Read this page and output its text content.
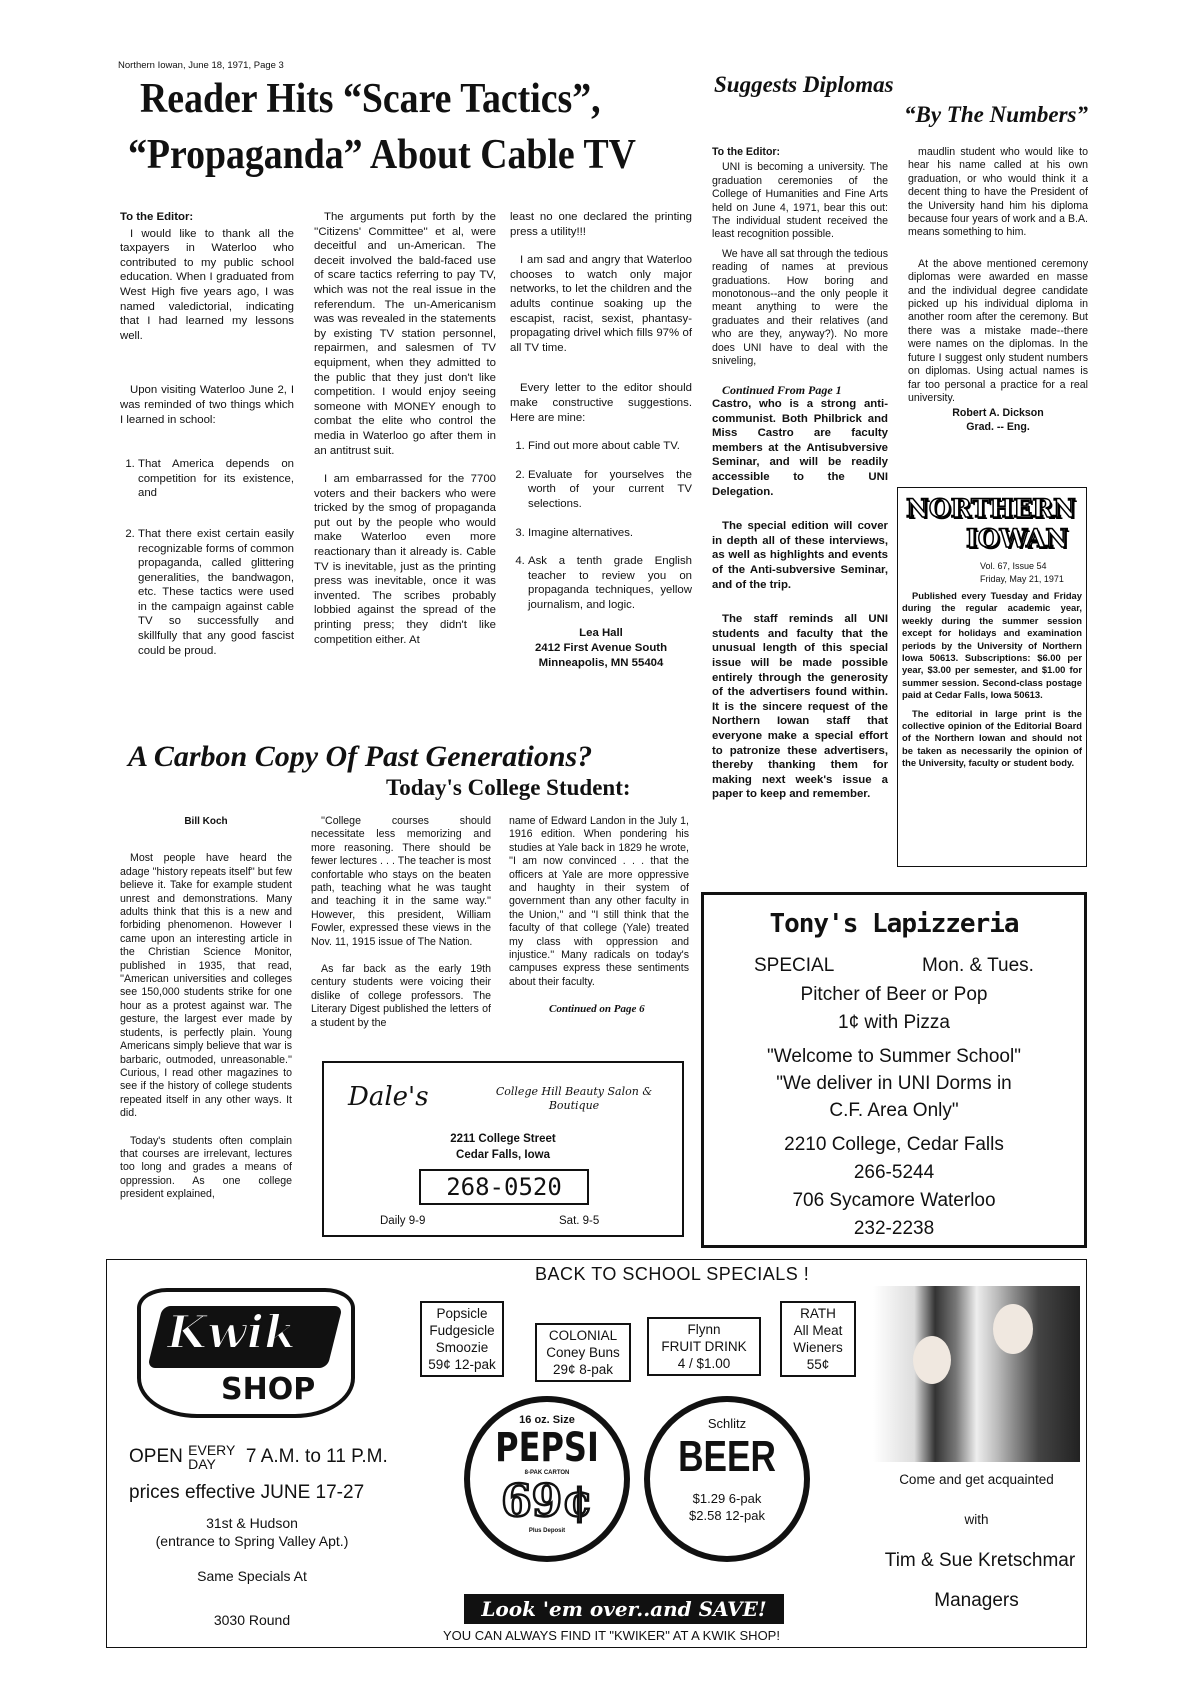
Northern Iowan, June 18, 1971, Page 3
Reader Hits “Scare Tactics”,
“Propaganda” About Cable TV

To the Editor:

I would like to thank all the taxpayers in Waterloo who contributed to my public school education. When I graduated from West High five years ago, I was named valedictorial, indicating that I had learned my lessons well.

Upon visiting Waterloo June 2, I was reminded of two things which I learned in school:

1. That America depends on competition for its existence, and
2. That there exist certain easily recognizable forms of common propaganda, called glittering generalities, the bandwagon, etc. These tactics were used in the campaign against cable TV so successfully and skillfully that any good fascist could be proud.

The arguments put forth by the ''Citizens' Committee'' et al, were deceitful and un-American. The deceit involved the bald-faced use of scare tactics referring to pay TV, which was not the real issue in the referendum. The un-Americanism was was revealed in the statements by existing TV station personnel, repairmen, and salesmen of TV equipment, when they admitted to the public that they just don't like competition. I would enjoy seeing someone with MONEY enough to combat the elite who control the media in Waterloo go after them in an antitrust suit.

I am embarrassed for the 7700 voters and their backers who were tricked by the smog of propaganda put out by the people who would make Waterloo even more reactionary than it already is. Cable TV is inevitable, just as the printing press was inevitable, once it was invented. The scribes probably lobbied against the spread of the printing press; they didn't like competition either. At

least no one declared the printing press a utility!!!

I am sad and angry that Waterloo chooses to watch only major networks, to let the children and the adults continue soaking up the escapist, racist, sexist, phantasy-propagating drivel which fills 97% of all TV time.

Every letter to the editor should make constructive suggestions. Here are mine:

1. Find out more about cable TV.
2. Evaluate for yourselves the worth of your current TV selections.
3. Imagine alternatives.
4. Ask a tenth grade English teacher to review you on propaganda techniques, yellow journalism, and logic.

Lea Hall
2412 First Avenue South
Minneapolis, MN 55404

Suggests Diplomas
“By The Numbers”

To the Editor:

UNI is becoming a university. The graduation ceremonies of the College of Humanities and Fine Arts held on June 4, 1971, bear this out: The individual student received the least recognition possible.

We have all sat through the tedious reading of names at previous graduations. How boring and monotonous--and the only people it meant anything to were the graduates and their relatives (and who are they, anyway?). No more does UNI have to deal with the sniveling,

Continued From Page 1

Castro, who is a strong anti-communist. Both Philbrick and Miss Castro are faculty members at the Antisubversive Seminar, and will be readily accessible to the UNI Delegation.

The special edition will cover in depth all of these interviews, as well as highlights and events of the Anti-subversive Seminar, and of the trip.

The staff reminds all UNI students and faculty that the unusual length of this special issue will be made possible entirely through the generosity of the advertisers found within. It is the sincere request of the Northern Iowan staff that everyone make a special effort to patronize these advertisers, thereby thanking them for making next week's issue a paper to keep and remember.

maudlin student who would like to hear his name called at his own graduation, or who would think it a decent thing to have the President of the University hand him his diploma because four years of work and a B.A. means something to him.

At the above mentioned ceremony diplomas were awarded en masse and the individual degree candidate picked up his individual diploma in another room after the ceremony. But there was a mistake made--there were names on the diplomas. In the future I suggest only student numbers on diplomas. Using actual names is far too personal a practice for a real university.

Robert A. Dickson
Grad. -- Eng.

NORTHERN
IOWAN
Vol. 67, Issue 54
Friday, May 21, 1971

Published every Tuesday and Friday during the regular academic year, weekly during the summer session except for holidays and examination periods by the University of Northern Iowa 50613. Subscriptions: $6.00 per year, $3.00 per semester, and $1.00 for summer session. Second-class postage paid at Cedar Falls, Iowa 50613.

The editorial in large print is the collective opinion of the Editorial Board of the Northern Iowan and should not be taken as necessarily the opinion of the University, faculty or student body.

A Carbon Copy Of Past Generations?
Today's College Student:

Bill Koch

Most people have heard the adage ''history repeats itself'' but few believe it. Take for example student unrest and demonstrations. Many adults think that this is a new and forbiding phenomenon. However I came upon an interesting article in the Christian Science Monitor, published in 1935, that read, ''American universities and colleges see 150,000 students strike for one hour as a protest against war. The gesture, the largest ever made by students, is perfectly plain. Young Americans simply believe that war is barbaric, outmoded, unreasonable.'' Curious, I read other magazines to see if the history of college students repeated itself in any other ways. It did.

Today's students often complain that courses are irrelevant, lectures too long and grades a means of oppression. As one college president explained,

''College courses should necessitate less memorizing and more reasoning. There should be fewer lectures . . . The teacher is most confortable who stays on the beaten path, teaching what he was taught and teaching it in the same way.'' However, this president, William Fowler, expressed these views in the Nov. 11, 1915 issue of The Nation.

As far back as the early 19th century students were voicing their dislike of college professors. The Literary Digest published the letters of a student by the

name of Edward Landon in the July 1, 1916 edition. When pondering his studies at Yale back in 1829 he wrote, ''I am now convinced . . . that the officers at Yale are more oppressive and haughty in their system of government than any other faculty in the Union,'' and ''I still think that the faculty of that college (Yale) treated my class with oppression and injustice.'' Many radicals on today's campuses express these sentiments about their faculty.

Continued on Page 6

Dale's	College Hill Beauty Salon &
Boutique
2211 College Street
Cedar Falls, Iowa
268-0520
Daily 9-9	Sat. 9-5
Tony's Lapizzeria
SPECIAL	Mon. & Tues.
Pitcher of Beer or Pop
1¢ with Pizza
"Welcome to Summer School"
"We deliver in UNI Dorms in
C.F. Area Only"
2210 College, Cedar Falls
266-5244
706 Sycamore Waterloo
232-2238
Kwik
SHOP
BACK TO SCHOOL SPECIALS !
Popsicle
Fudgesicle
Smoozie
59¢ 12-pak
COLONIAL
Coney Buns
29¢ 8-pak
Flynn
FRUIT DRINK
4 / $1.00
RATH
All Meat
Wieners
55¢
OPEN EVERY
DAY 7 A.M. to 11 P.M.
prices effective JUNE 17-27
31st & Hudson
(entrance to Spring Valley Apt.)
Same Specials At
3030 Round
16 oz. Size
PEPSI
8-PAK CARTON
69¢
Plus Deposit
Schlitz
BEER
$1.29 6-pak
$2.58 12-pak
Look 'em over..and SAVE!
YOU CAN ALWAYS FIND IT "KWIKER" AT A KWIK SHOP!
Come and get acquainted
with
Tim & Sue Kretschmar
Managers
